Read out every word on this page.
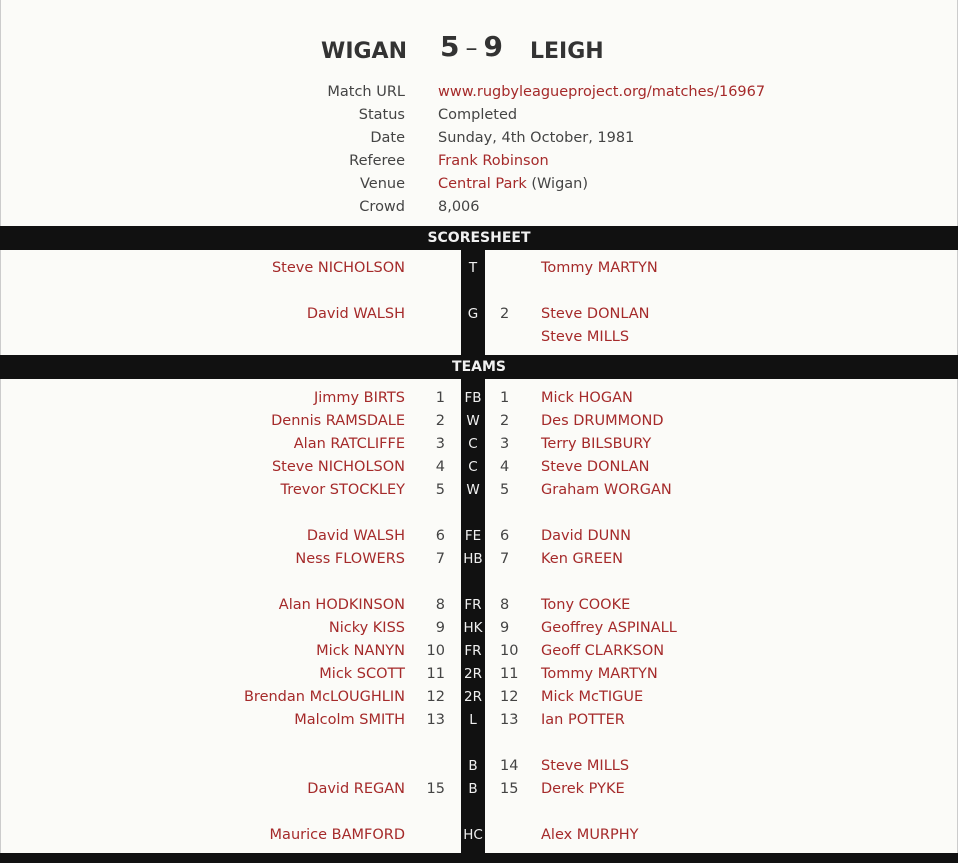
WIGAN 5 – 9 LEIGH
Match URL www.rugbyleagueproject.org/matches/16967
Status Completed
Date Sunday, 4th October, 1981
Referee Frank Robinson
Venue Central Park (Wigan)
Crowd 8,006
SCORESHEET
Steve NICHOLSON	T	Tommy MARTYN
David WALSH	G	2	Steve DONLAN
Steve MILLS
TEAMS
Jimmy BIRTS	1 FB 1	Mick HOGAN
Dennis RAMSDALE	2	W	2	Des DRUMMOND
Alan RATCLIFFE	3	C	3	Terry BILSBURY
Steve NICHOLSON	4	C	4	Steve DONLAN
Trevor STOCKLEY	5	W	5	Graham WORGAN
David WALSH	6 FE 6	David DUNN
Ness FLOWERS	7 HB 7	Ken GREEN
Alan HODKINSON	8 FR 8	Tony COOKE
Nicky KISS	9 HK 9	Geoffrey ASPINALL
Mick NANYN	10 FR 10	Geoff CLARKSON
Mick SCOTT	11 2R 11	Tommy MARTYN
Brendan McLOUGHLIN	12 2R 12	Mick McTIGUE
Malcolm SMITH	13	L	13	Ian POTTER
B	14	Steve MILLS
David REGAN	15	B	15	Derek PYKE
Maurice BAMFORD	HC	Alex MURPHY
